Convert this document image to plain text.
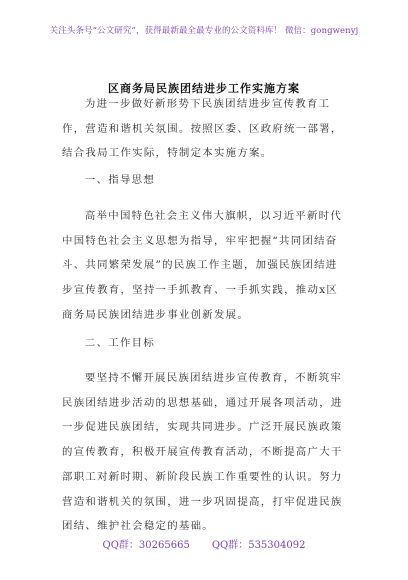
关注头条号“公文研究”，获得最新最全最专业的公文资料库！ 微信：gongwenyj
区商务局民族团结进步工作实施方案
为进一步做好新形势下民族团结进步宣传教育工作，营造和谐机关氛围。按照区委、区政府统一部署，结合我局工作实际，特制定本实施方案。
一、指导思想
高举中国特色社会主义伟大旗帜，以习近平新时代中国特色社会主义思想为指导，牢牢把握“共同团结奋斗、共同繁荣发展”的民族工作主题，加强民族团结进步宣传教育，坚持一手抓教育、一手抓实践，推动x区商务局民族团结进步事业创新发展。
二、工作目标
要坚持不懈开展民族团结进步宣传教育，不断筑牢民族团结进步活动的思想基础，通过开展各项活动，进一步促进民族团结，实现共同进步。广泛开展民族政策的宣传教育，积极开展宣传教育活动，不断提高广大干部职工对新时期、新阶段民族工作重要性的认识。努力营造和谐机关的氛围，进一步巩固提高，打牢促进民族团结、维护社会稳定的基础。
QQ群：30265665 QQ群：535304092
